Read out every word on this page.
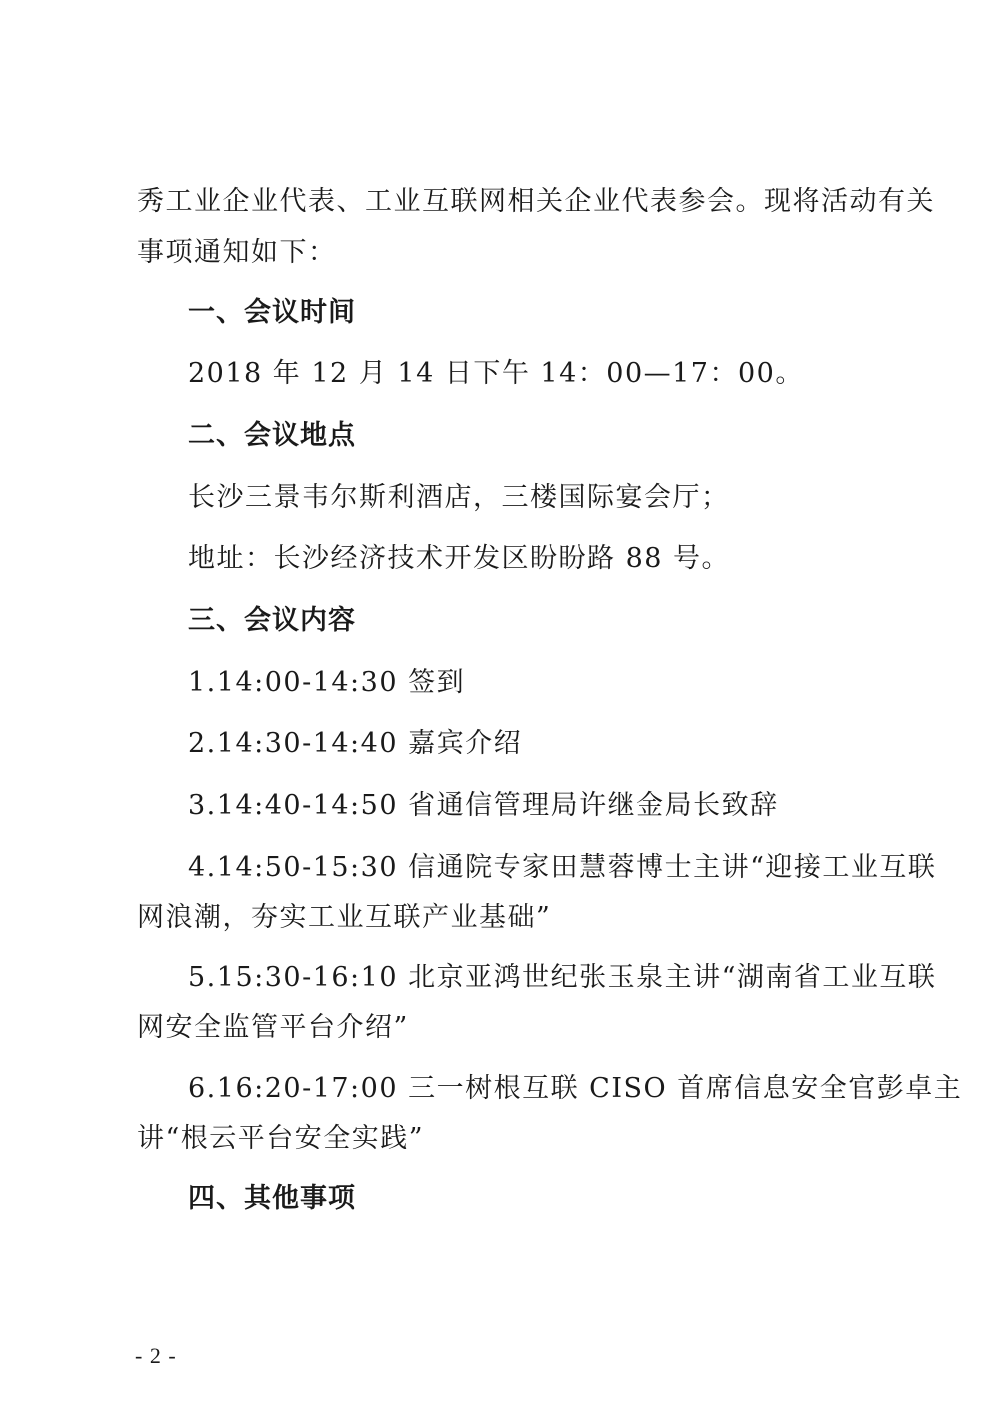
秀工业企业代表、工业互联网相关企业代表参会。现将活动有关
事项通知如下：
一、会议时间
2018 年 12 月 14 日下午 14：00—17：00。
二、会议地点
长沙三景韦尔斯利酒店，三楼国际宴会厅；
地址：长沙经济技术开发区盼盼路 88 号。
三、会议内容
1.14:00-14:30 签到
2.14:30-14:40 嘉宾介绍
3.14:40-14:50 省通信管理局许继金局长致辞
4.14:50-15:30 信通院专家田慧蓉博士主讲“迎接工业互联
网浪潮，夯实工业互联产业基础”
5.15:30-16:10 北京亚鸿世纪张玉泉主讲“湖南省工业互联
网安全监管平台介绍”
6.16:20-17:00 三一树根互联 CISO 首席信息安全官彭卓主
讲“根云平台安全实践”
四、其他事项
- 2 -
